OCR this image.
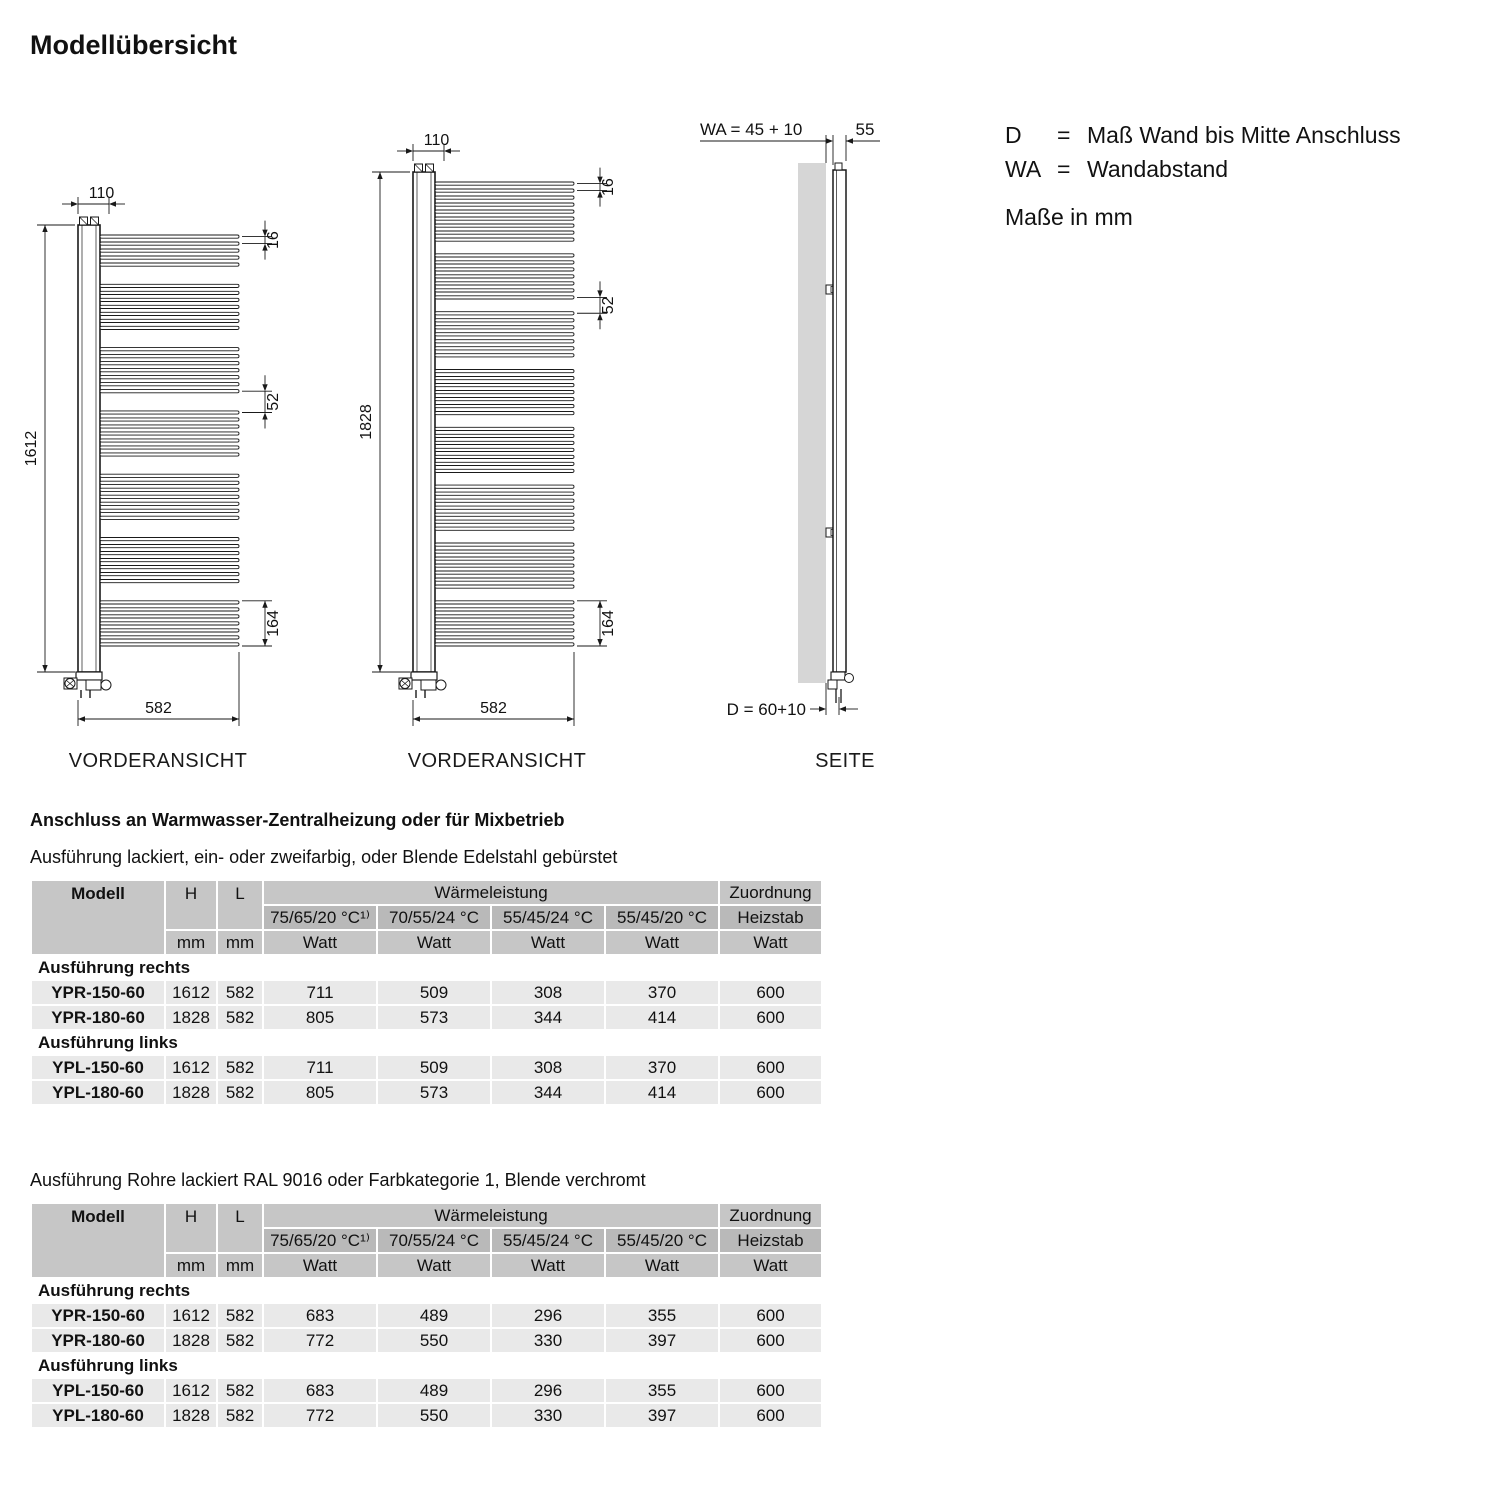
Modellübersicht
110
1612
582
16
52
164
110
1828
582
16
52
164
WA = 45 + 10	55
D = 60+10
VORDERANSICHT	VORDERANSICHT	SEITE
D = Maß Wand bis Mitte Anschluss
WA = Wandabstand
Maße in mm
Anschluss an Warmwasser-Zentralheizung oder für Mixbetrieb
Ausführung lackiert, ein- oder zweifarbig, oder Blende Edelstahl gebürstet
Modell	H	L	Wärmeleistung				Zuordnung
			75/65/20 °C¹⁾	70/55/24 °C	55/45/24 °C	55/45/20 °C	Heizstab
	mm	mm	Watt	Watt	Watt	Watt	Watt
Ausführung rechts							
YPR-150-60	1612	582	711	509	308	370	600
YPR-180-60	1828	582	805	573	344	414	600
Ausführung links							
YPL-150-60	1612	582	711	509	308	370	600
YPL-180-60	1828	582	805	573	344	414	600
Ausführung Rohre lackiert RAL 9016 oder Farbkategorie 1, Blende verchromt
Modell	H	L	Wärmeleistung				Zuordnung
			75/65/20 °C¹⁾	70/55/24 °C	55/45/24 °C	55/45/20 °C	Heizstab
	mm	mm	Watt	Watt	Watt	Watt	Watt
Ausführung rechts							
YPR-150-60	1612	582	683	489	296	355	600
YPR-180-60	1828	582	772	550	330	397	600
Ausführung links							
YPL-150-60	1612	582	683	489	296	355	600
YPL-180-60	1828	582	772	550	330	397	600
